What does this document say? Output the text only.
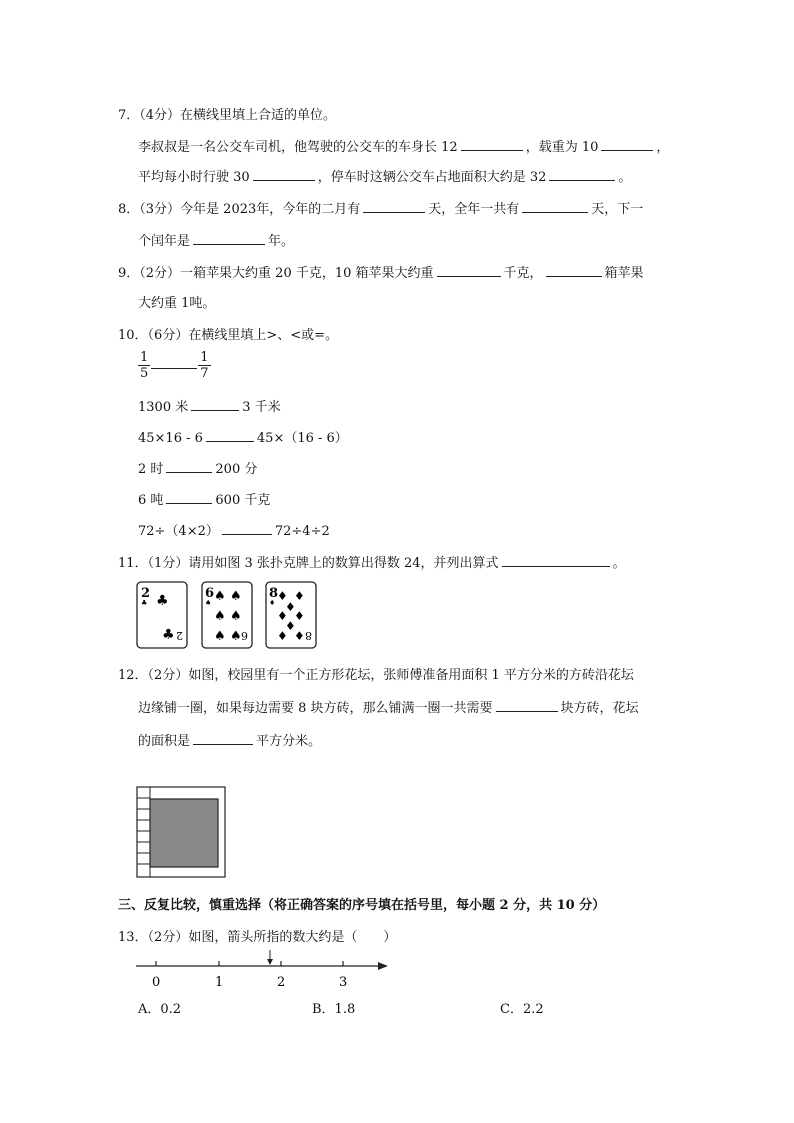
7．（4分）在横线里填上合适的单位。
李叔叔是一名公交车司机，他驾驶的公交车的车身长 12	，载重为 10	，
平均每小时行驶 30	，停车时这辆公交车占地面积大约是 32	。
8．（3分）今年是 2023年，今年的二月有	天，全年一共有	天，下一
个闰年是	年。
9．（2分）一箱苹果大约重 20 千克，10 箱苹果大约重	千克，	箱苹果
大约重 1吨。
10．（6分）在横线里填上>、<或=。
$\frac{1}{5}$	$\frac{1}{7}$
1300 米	3 千米
45×16 - 6	45×（16 - 6）
2 时	200 分
6 吨	600 千克
72÷（4×2）	72÷4÷2
11．（1分）请用如图 3 张扑克牌上的数算出得数 24，并列出算式	。
2
♣ ♣
♣ 2
6
♠ ♠ ♠
♠ ♠
♠ ♠ 6
8
♦ ♦ ♦
♦
♦ ♦
♦
♦ ♦ 8
12．（2分）如图，校园里有一个正方形花坛，张师傅准备用面积 1 平方分米的方砖沿花坛
边缘铺一圈，如果每边需要 8 块方砖，那么铺满一圈一共需要	块方砖，花坛
的面积是	平方分米。
三、反复比较，慎重选择（将正确答案的序号填在括号里，每小题 2 分，共 10 分）
13．（2分）如图，箭头所指的数大约是（　　）
0	1	2	3
A．0.2	B．1.8	C．2.2
